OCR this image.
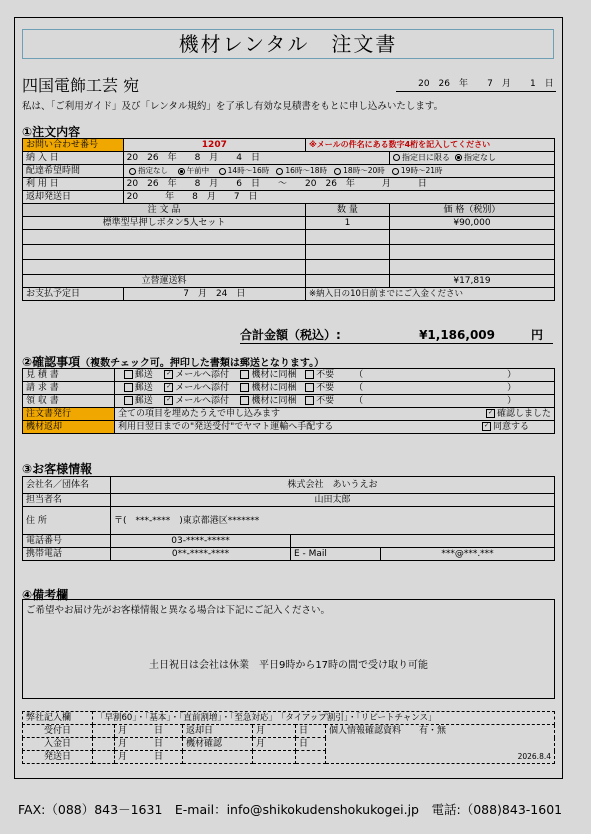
機材レンタル　注文書
四国電飾工芸 宛	20　26　年 7　月 1　日
私は、「ご利用ガイド」及び「レンタル規約」を了承し有効な見積書をもとに申し込みいたします。
①注文内容
お問い合わせ番号	1207	※メールの件名にある数字4桁を記入してください	
納 入 日	20　26　年　　8　月　　4　日		指定日に限る 指定なし
配達希望時間	指定なし 午前中 14時～16時 16時～18時 18時～20時 19時～21時		
利 用 日	20　26　年　　8　月　　6　日　　～　　20　26　年　　　月　　　日		
返却発送日	20　　　年　　8　月　　7　日		
注 文 品		数 量	価 格（税別）
標準型早押しボタン5人セット		1	¥90,000

立替運送料			¥17,819
お支払予定日	7　月　24　日	※納入日の10日前までにご入金ください	
合計金額（税込）:	¥1,186,009	円
②確認事項（複数チェック可。押印した書類は郵送となります。）
見 積 書	郵送 ✓ メールへ添付 機材に同梱 不要       （　　　　　　　　　　　　　　　　）
請 求 書	郵送 ✓ メールへ添付 機材に同梱 不要       （　　　　　　　　　　　　　　　　）
領 収 書	郵送 ✓ メールへ添付 機材に同梱 不要       （　　　　　　　　　　　　　　　　）
注文書発行	全ての項目を埋めたうえで申し込みます ✓ 確認しました

機材返却	利用日翌日までの"発送受付"でヤマト運輸へ手配する ✓ 同意する
③お客様情報
会社名／団体名	株式会社　あいうえお		
担当者名	山田太郎		
住 所	〒(　***-****　)東京都港区*******		
電話番号	03-****-*****		
携帯電話	0**-****-****	E - Mail	***@***.***
④備考欄
ご希望やお届け先がお客様情報と異なる場合は下記にご記入ください。
土日祝日は会社は休業　平日9時から17時の間で受け取り可能
弊社記入欄	「早割60」・「基本」・「直前割増」・「至急対応」　「タイアップ割引」・「リピートチャンス」					
受付日		月　　　 日	返却日	月	日	個人情報確認資料　　 有・無
入金日		月　　　 日	機材確認	月	日	
発送日		月　　　 日				2026.8.4
FAX:（088）843－1631　E-mail：info@shikokudenshokukogei.jp　電話:（088)843-1601
